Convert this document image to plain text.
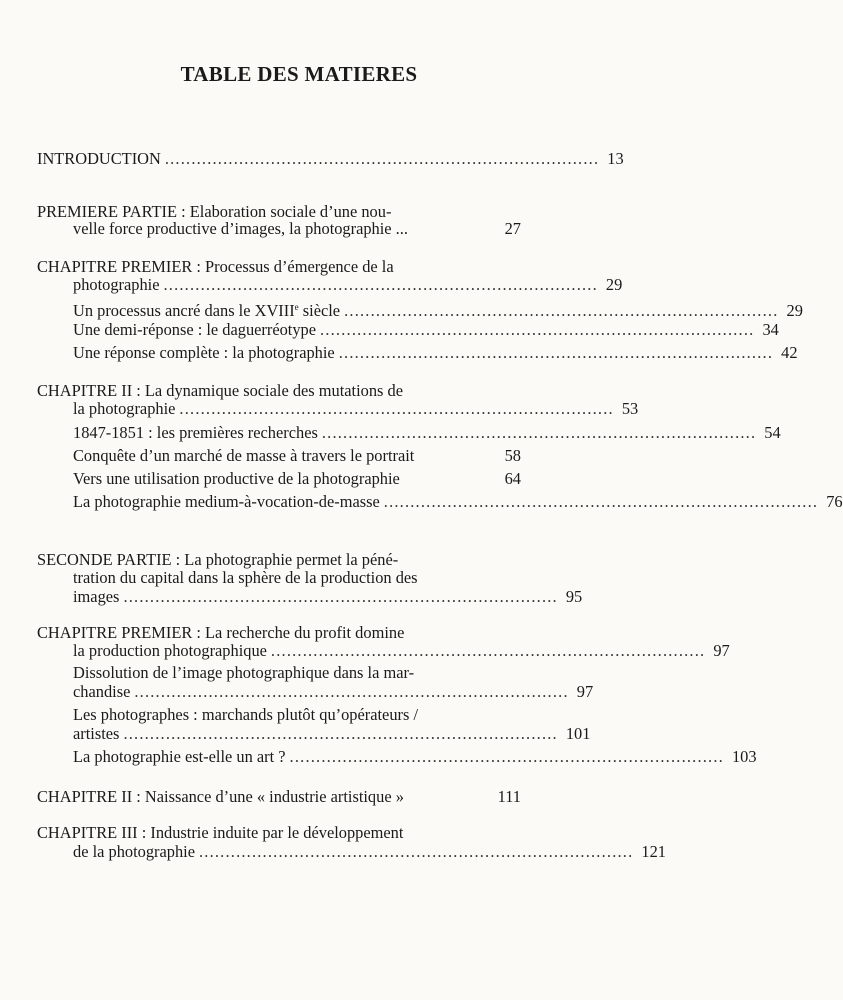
TABLE DES MATIERES
INTRODUCTION .................................................................................. 13
PREMIERE PARTIE : Elaboration sociale d’une nou-
velle force productive d’images, la photographie ...	27
CHAPITRE PREMIER : Processus d’émergence de la
photographie .................................................................................. 29
Un processus ancré dans le XVIIIe siècle .................................................................................. 29
Une demi-réponse : le daguerréotype .................................................................................. 34
Une réponse complète : la photographie .................................................................................. 42
CHAPITRE II : La dynamique sociale des mutations de
la photographie .................................................................................. 53
1847-1851 : les premières recherches .................................................................................. 54
Conquête d’un marché de masse à travers le portrait	58
Vers une utilisation productive de la photographie	64
La photographie medium-à-vocation-de-masse .................................................................................. 76
SECONDE PARTIE : La photographie permet la péné-
tration du capital dans la sphère de la production des
images .................................................................................. 95
CHAPITRE PREMIER : La recherche du profit domine
la production photographique .................................................................................. 97
Dissolution de l’image photographique dans la mar-
chandise .................................................................................. 97
Les photographes : marchands plutôt qu’opérateurs /
artistes .................................................................................. 101
La photographie est-elle un art ? .................................................................................. 103
CHAPITRE II : Naissance d’une « industrie artistique »	111
CHAPITRE III : Industrie induite par le développement
de la photographie .................................................................................. 121
